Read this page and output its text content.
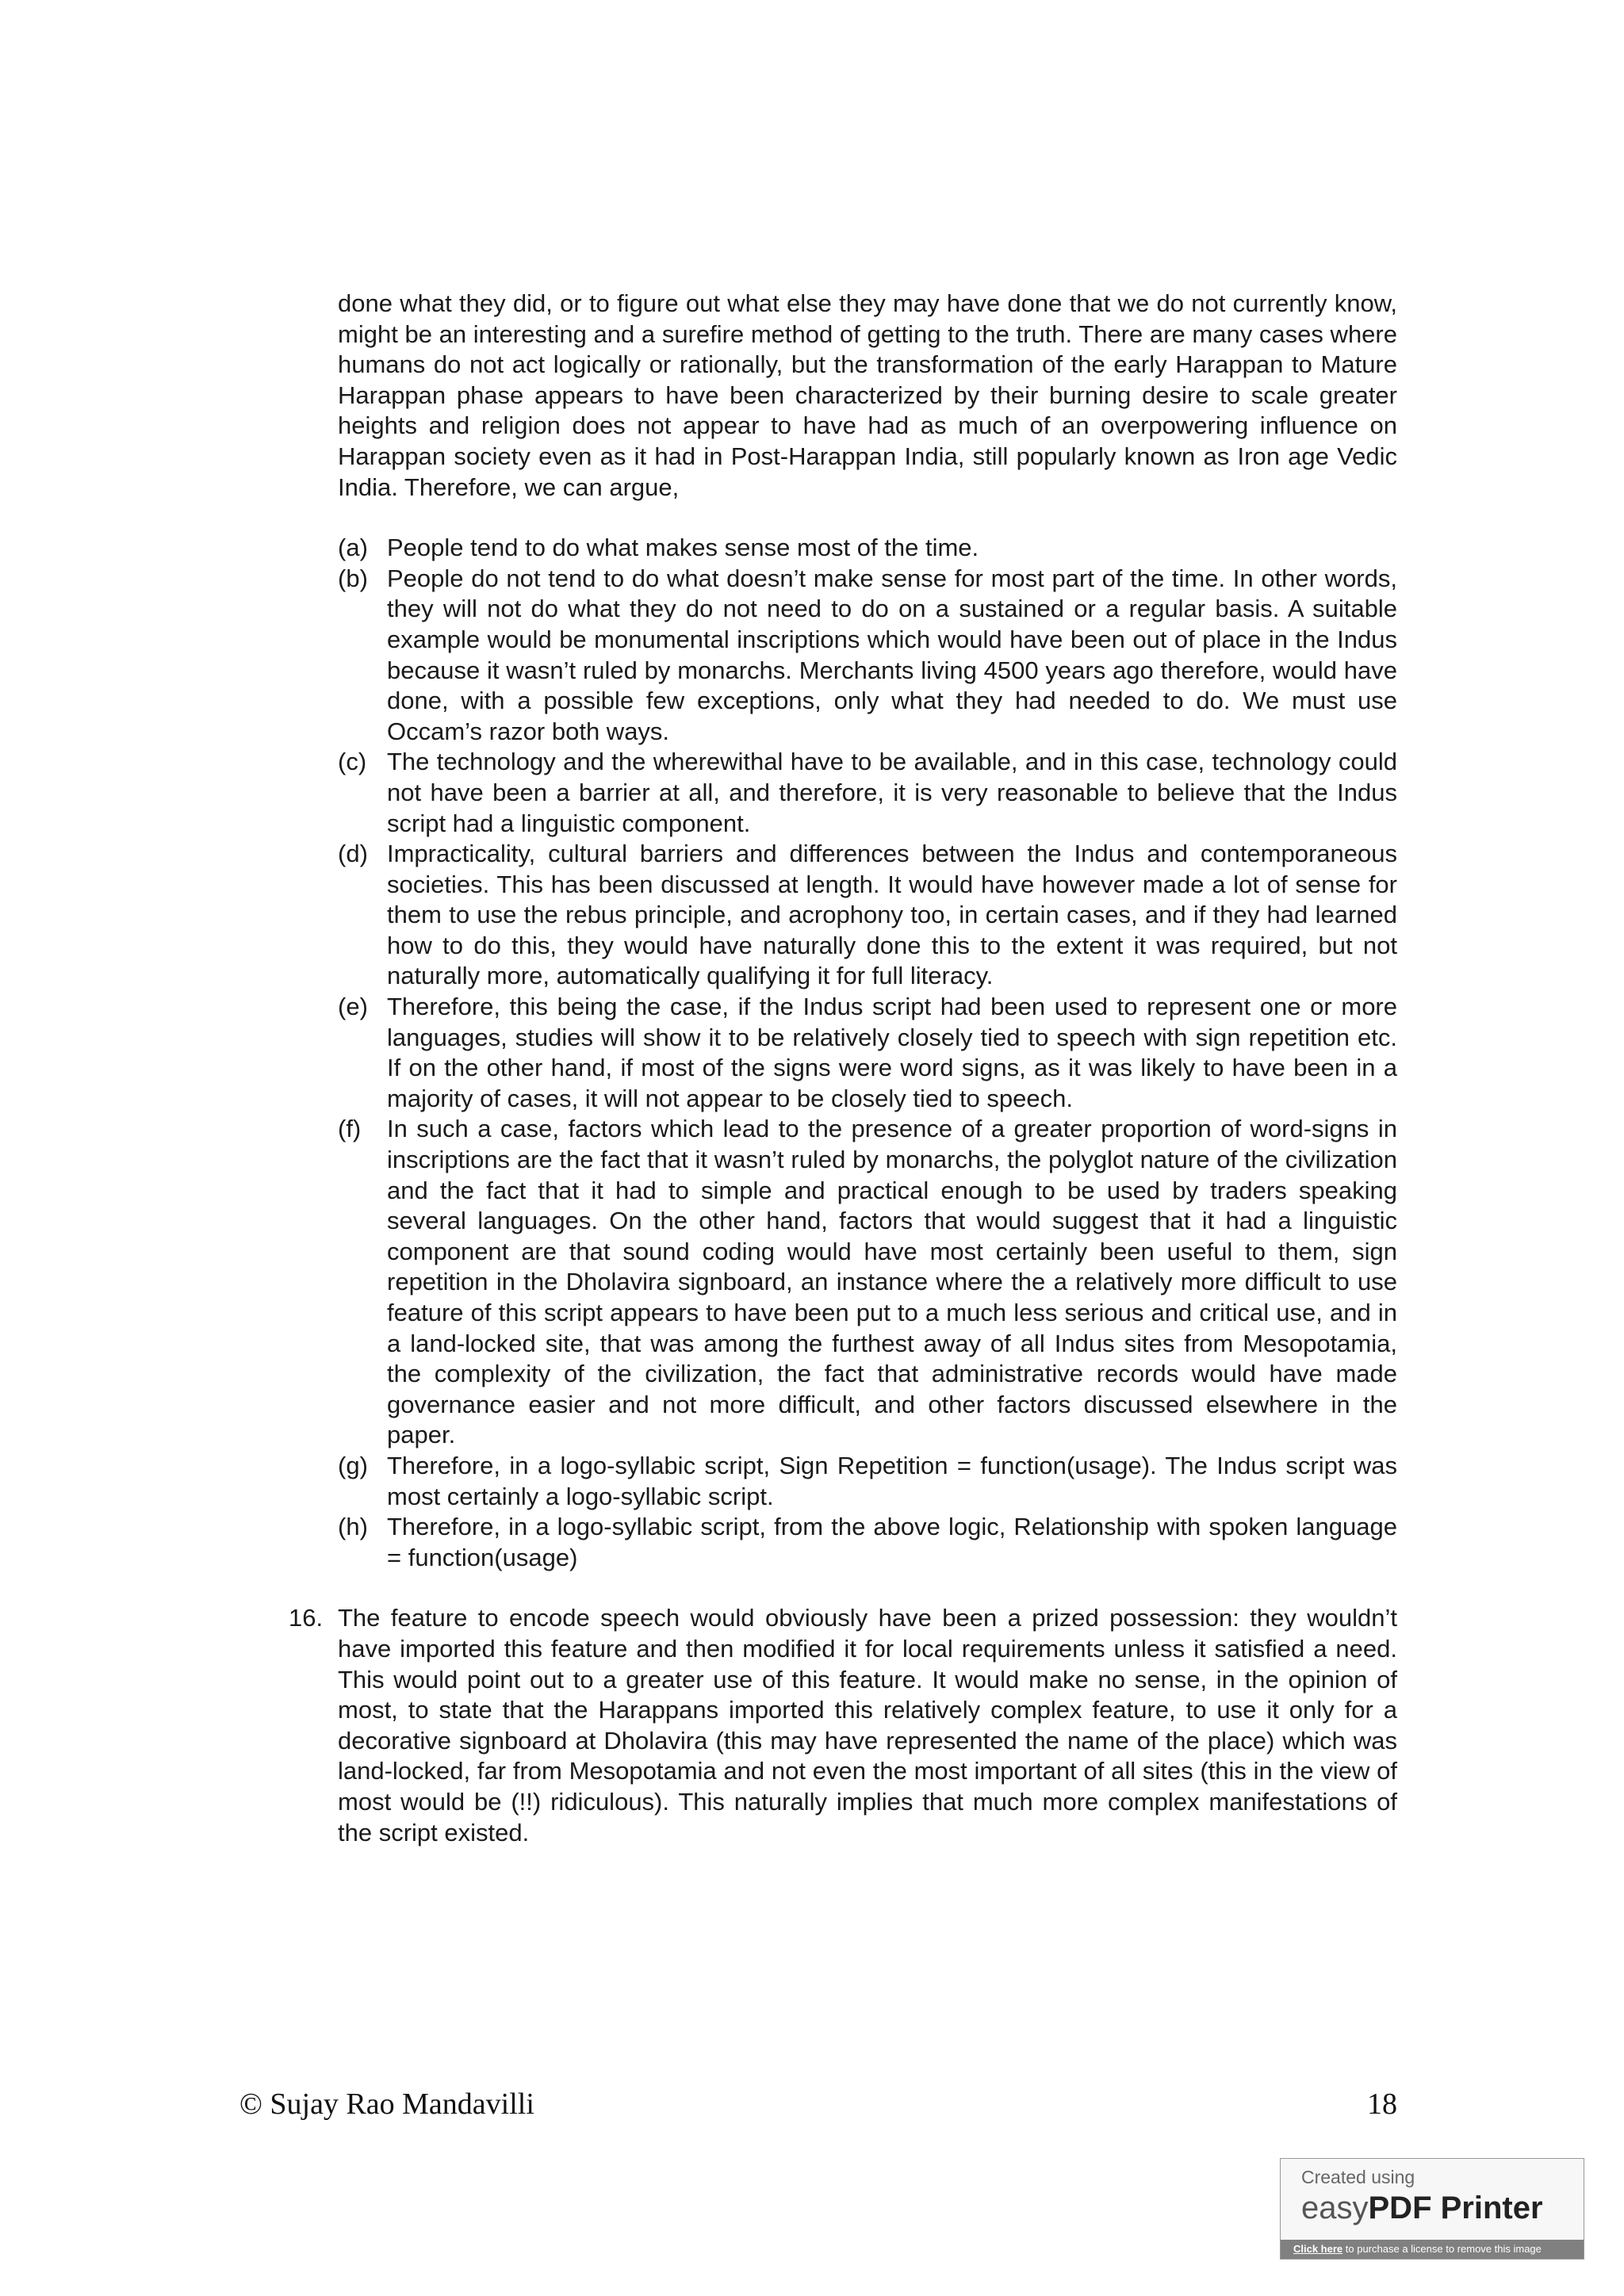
done what they did, or to figure out what else they may have done that we do not currently know, might be an interesting and a surefire method of getting to the truth. There are many cases where humans do not act logically or rationally, but the transformation of the early Harappan to Mature Harappan phase appears to have been characterized by their burning desire to scale greater heights and religion does not appear to have had as much of an overpowering influence on Harappan society even as it had in Post-Harappan India, still popularly known as Iron age Vedic India. Therefore, we can argue,

(a) People tend to do what makes sense most of the time.
(b) People do not tend to do what doesn’t make sense for most part of the time. In other words, they will not do what they do not need to do on a sustained or a regular basis. A suitable example would be monumental inscriptions which would have been out of place in the Indus because it wasn’t ruled by monarchs. Merchants living 4500 years ago therefore, would have done, with a possible few exceptions, only what they had needed to do. We must use Occam’s razor both ways.
(c) The technology and the wherewithal have to be available, and in this case, technology could not have been a barrier at all, and therefore, it is very reasonable to believe that the Indus script had a linguistic component.
(d) Impracticality, cultural barriers and differences between the Indus and contemporaneous societies. This has been discussed at length. It would have however made a lot of sense for them to use the rebus principle, and acrophony too, in certain cases, and if they had learned how to do this, they would have naturally done this to the extent it was required, but not naturally more, automatically qualifying it for full literacy.
(e) Therefore, this being the case, if the Indus script had been used to represent one or more languages, studies will show it to be relatively closely tied to speech with sign repetition etc. If on the other hand, if most of the signs were word signs, as it was likely to have been in a majority of cases, it will not appear to be closely tied to speech.
(f) In such a case, factors which lead to the presence of a greater proportion of word-signs in inscriptions are the fact that it wasn’t ruled by monarchs, the polyglot nature of the civilization and the fact that it had to simple and practical enough to be used by traders speaking several languages. On the other hand, factors that would suggest that it had a linguistic component are that sound coding would have most certainly been useful to them, sign repetition in the Dholavira signboard, an instance where the a relatively more difficult to use feature of this script appears to have been put to a much less serious and critical use, and in a land-locked site, that was among the furthest away of all Indus sites from Mesopotamia, the complexity of the civilization, the fact that administrative records would have made governance easier and not more difficult, and other factors discussed elsewhere in the paper.
(g) Therefore, in a logo-syllabic script, Sign Repetition = function(usage). The Indus script was most certainly a logo-syllabic script.
(h) Therefore, in a logo-syllabic script, from the above logic, Relationship with spoken language = function(usage)
16. The feature to encode speech would obviously have been a prized possession: they wouldn’t have imported this feature and then modified it for local requirements unless it satisfied a need. This would point out to a greater use of this feature. It would make no sense, in the opinion of most, to state that the Harappans imported this relatively complex feature, to use it only for a decorative signboard at Dholavira (this may have represented the name of the place) which was land-locked, far from Mesopotamia and not even the most important of all sites (this in the view of most would be (!!) ridiculous). This naturally implies that much more complex manifestations of the script existed.
© Sujay Rao Mandavilli	18
Created using
easyPDF Printer
Click here to purchase a license to remove this image
